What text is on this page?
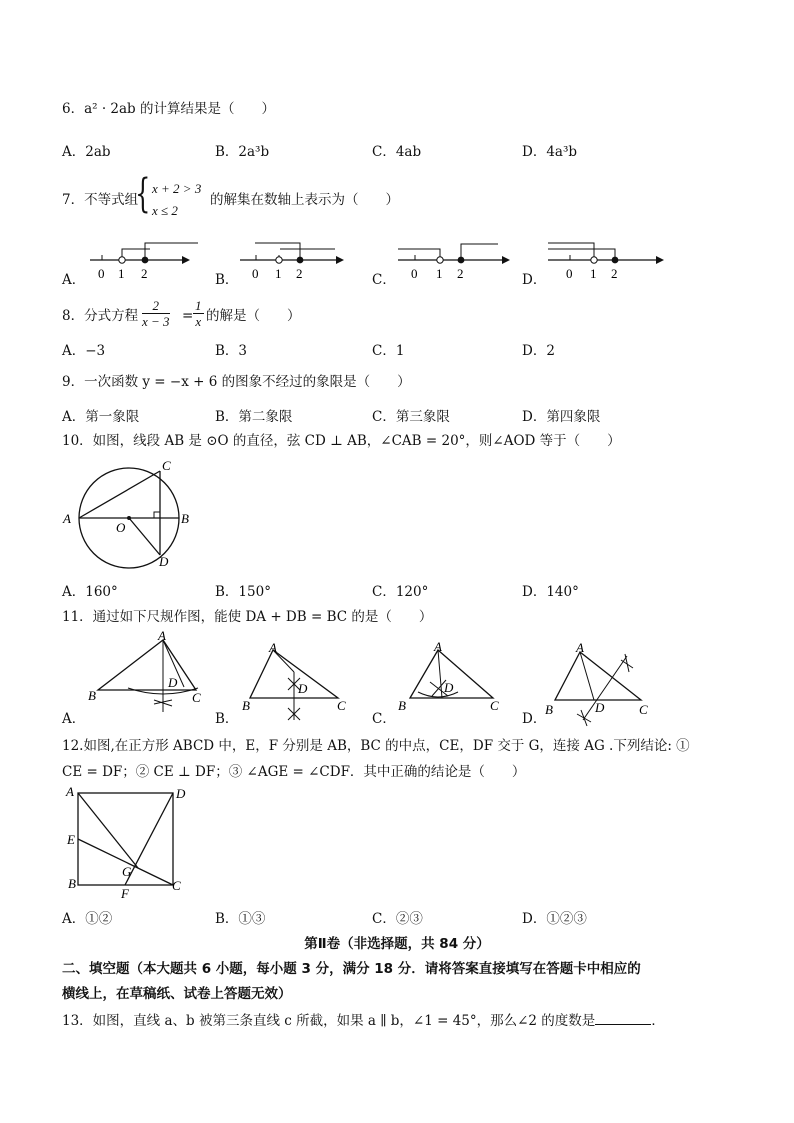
6．a² · 2ab 的计算结果是（　　）
A．2ab	B．2a³b	C．4ab	D．4a³b
7．不等式组
{ x + 2 > 3
x ≤ 2
的解集在数轴上表示为（　　）
A． 0 1 2	B． 0 1 2	C． 0 1 2	D． 0 1 2
8．分式方程 $\frac{2}{x - 3} = \frac{1}{x}$ 的解是（　　）
A．−3	B．3	C．1	D．2
9．一次函数 y = −x + 6 的图象不经过的象限是（　　）
A．第一象限	B．第二象限	C．第三象限	D．第四象限
10．如图，线段 AB 是 ⊙O 的直径，弦 CD ⊥ AB，∠CAB = 20°，则∠AOD 等于（　　）
A	B
C
D
O
A．160°	B．150°	C．120°	D．140°
11．通过如下尺规作图，能使 DA + DB = BC 的是（　　）
A．
A
B	C
D
B．
A
B	C
D
C．
A
B	C
D
D．
A
B	C
D
12.如图,在正方形 ABCD 中，E，F 分别是 AB，BC 的中点，CE，DF 交于 G，连接 AG .下列结论: ①
CE = DF；② CE ⊥ DF；③ ∠AGE = ∠CDF．其中正确的结论是（　　）
A	D
E
B	C
F
G
A．①②	B．①③	C．②③	D．①②③
第Ⅱ卷（非选择题，共 84 分）
二、填空题（本大题共 6 小题，每小题 3 分，满分 18 分．请将答案直接填写在答题卡中相应的
横线上，在草稿纸、试卷上答题无效）
13．如图，直线 a、b 被第三条直线 c 所截，如果 a ∥ b，∠1 = 45°，那么∠2 的度数是	．
